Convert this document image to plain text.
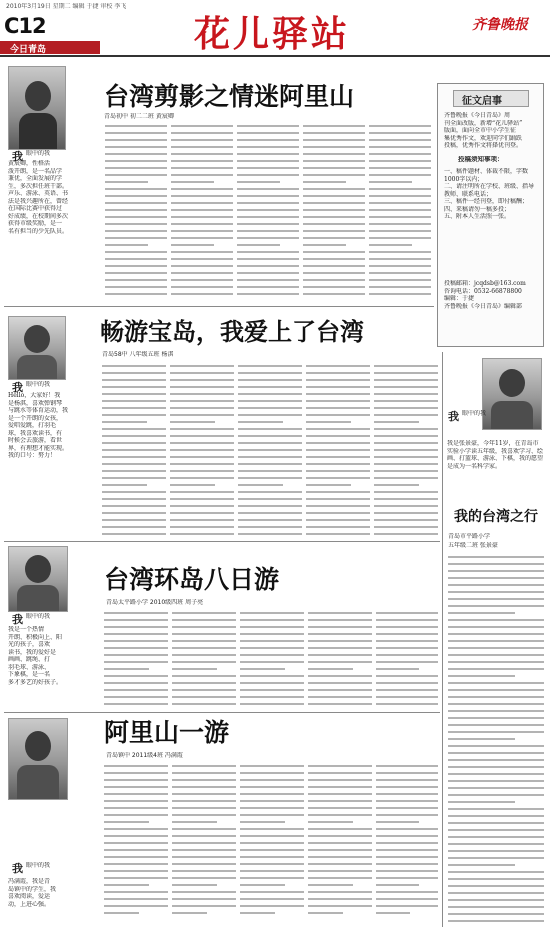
2010年3月19日 星期二 编辑 于捷 审校 李飞
C12
今日青岛	花儿驿站	齐鲁晚报
我 眼中的我
黄宸卿，性格活
泼开朗，是一名品学
兼优，全面发展的学
生，多次担任班干部。
声乐、游泳、英语、书
法是我兴趣所在，曾经
在国际比赛中获得过
好成绩，在校期间多次
获得市级奖励，是一
名有担当的少先队员。
台湾剪影之情迷阿里山
青岛初中 初二二班 黄宸卿
征文启事
齐鲁晚报《今日青岛》周
刊全面改版，新增“花儿驿站”
版面，面向全市中小学生征
集优秀作文，欢迎同学们踊跃
投稿，优秀作文将择优刊登。
投稿须知事项：
一、稿件题材、体裁不限，字数1000字以内；
二、请注明所在学校、班级、指导教师、联系电话；
三、稿件一经刊登，即付稿酬；
四、来稿请勿一稿多投；
五、附本人生活照一张。
投稿邮箱：jcqdsb@163.com
咨询电话：0532-66878800
编辑：于捷
齐鲁晚报《今日青岛》编辑部
我 眼中的我
Hello，大家好！我
是杨淇，喜欢弹钢琴
与跳水等体育运动，我
是一个开朗的女孩，
爱唱爱跳，打羽毛
球，我喜欢读书，有
时候会去旅游，看世
界，有理想才能实现。
我的口号：努力！
畅游宝岛，我爱上了台湾
青岛58中 八年级五班 杨淇
我 眼中的我
我是张景豪，今年11岁，在青岛市
实验小学读五年级，我喜欢学习、绘
画、打篮球、游泳、下棋，我的愿望
是成为一名科学家。
我的台湾之行
青岛市平路小学
五年级二班 张景豪
我 眼中的我
我是一个热情
开朗、积极向上、阳
光的孩子，喜欢
读书，我的爱好是
画画、跳绳、打
羽毛球、游泳、
下象棋，是一名
多才多艺的好孩子。
台湾环岛八日游
青岛太平路小学 2010级四班 周子亮
我 眼中的我
冯满霞，我是青
岛镇中的学生，我
喜欢阅读，爱运
动，上进心强。
阿里山一游
青岛镇中 2011级4班 冯满霞
